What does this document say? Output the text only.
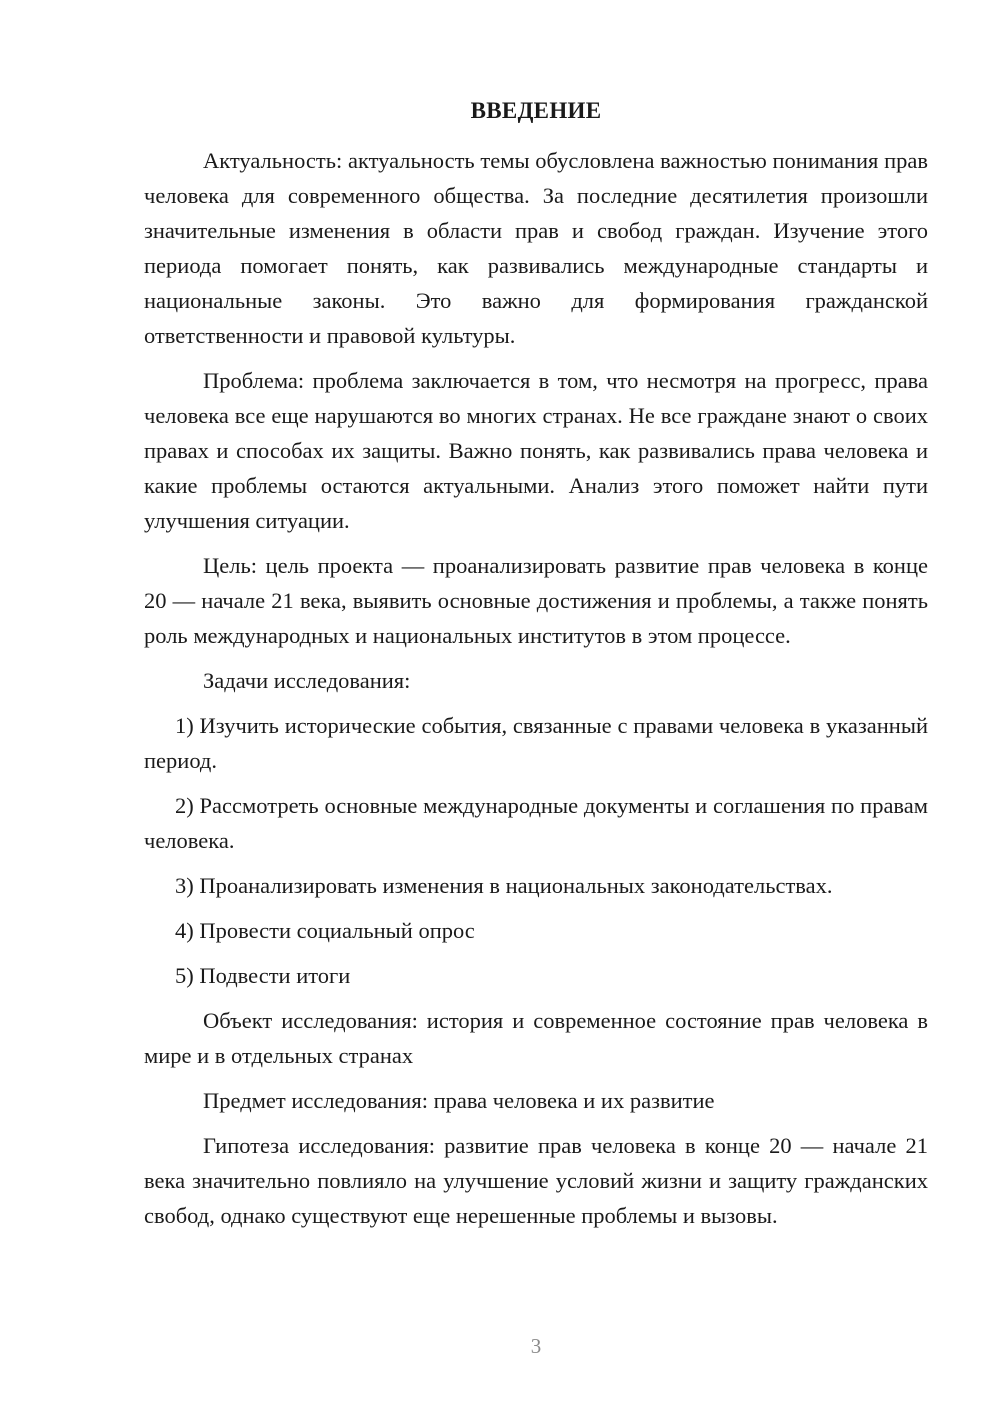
ВВЕДЕНИЕ

Актуальность: актуальность темы обусловлена важностью понимания прав человека для современного общества. За последние десятилетия произошли значительные изменения в области прав и свобод граждан. Изучение этого периода помогает понять, как развивались международные стандарты и национальные законы. Это важно для формирования гражданской ответственности и правовой культуры.

Проблема: проблема заключается в том, что несмотря на прогресс, права человека все еще нарушаются во многих странах. Не все граждане знают о своих правах и способах их защиты. Важно понять, как развивались права человека и какие проблемы остаются актуальными. Анализ этого поможет найти пути улучшения ситуации.

Цель: цель проекта — проанализировать развитие прав человека в конце 20 — начале 21 века, выявить основные достижения и проблемы, а также понять роль международных и национальных институтов в этом процессе.

Задачи исследования:

1) Изучить исторические события, связанные с правами человека в указанный период.

2) Рассмотреть основные международные документы и соглашения по правам человека.

3) Проанализировать изменения в национальных законодательствах.

4) Провести социальный опрос

5) Подвести итоги

Объект исследования: история и современное состояние прав человека в мире и в отдельных странах

Предмет исследования: права человека и их развитие

Гипотеза исследования: развитие прав человека в конце 20 — начале 21 века значительно повлияло на улучшение условий жизни и защиту гражданских свобод, однако существуют еще нерешенные проблемы и вызовы.

3
